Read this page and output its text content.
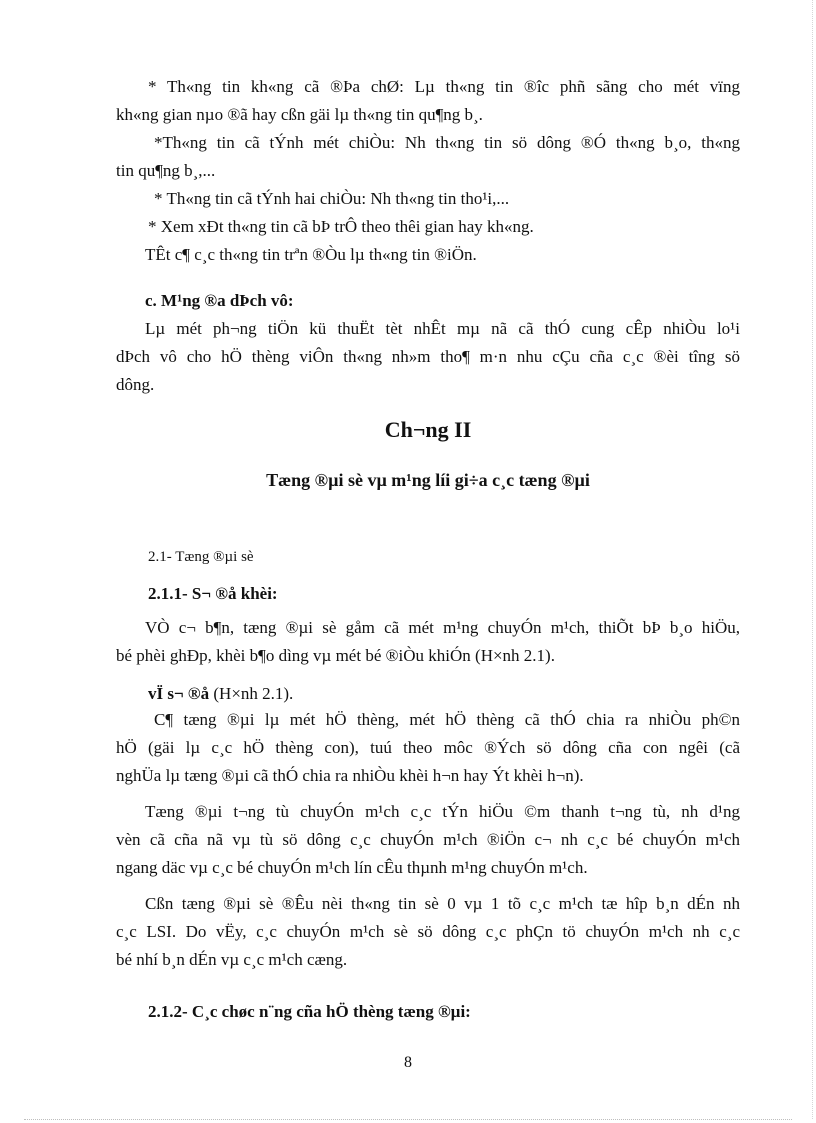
* Th«ng tin kh«ng cã ®Þa chØ: Lµ th«ng tin ®îc phñ sãng cho mét vïng

kh«ng gian nµo ®ã hay cßn gäi lµ th«ng tin qu¶ng b¸.

*Th«ng tin cã tÝnh mét chiÒu: Nh th«ng tin sö dông ®Ó th«ng b¸o, th«ng

tin qu¶ng b¸,...

* Th«ng tin cã tÝnh hai chiÒu: Nh th«ng tin tho¹i,...

* Xem xÐt th«ng tin cã bÞ trÔ theo thêi gian hay kh«ng.

TÊt c¶ c¸c th«ng tin trªn ®Òu lµ th«ng tin ®iÖn.

c. M¹ng ®a dÞch vô:

Lµ mét ph¬ng tiÖn kü thuËt tèt nhÊt mµ nã cã thÓ cung cÊp nhiÒu lo¹i

dÞch vô cho hÖ thèng viÔn th«ng nh»m tho¶ m·n nhu cÇu cña c¸c ®èi tîng sö

dông.

Ch¬ng II

Tæng ®µi sè vµ m¹ng líi gi÷a c¸c tæng ®µi

2.1- Tæng ®µi sè

2.1.1- S¬ ®å khèi:

VÒ c¬ b¶n, tæng ®µi sè gåm cã mét m¹ng chuyÓn m¹ch, thiÕt bÞ b¸o hiÖu,

bé phèi ghÐp, khèi b¶o dìng vµ mét bé ®iÒu khiÓn (H×nh 2.1).

vÏ s¬ ®å (H×nh 2.1).

C¶ tæng ®µi lµ mét hÖ thèng, mét hÖ thèng cã thÓ chia ra nhiÒu ph©n

hÖ (gäi lµ c¸c hÖ thèng con), tuú theo môc ®Ých sö dông cña con ngêi (cã

nghÜa lµ tæng ®µi cã thÓ chia ra nhiÒu khèi h¬n hay Ýt khèi h¬n).

Tæng ®µi t¬ng tù chuyÓn m¹ch c¸c tÝn hiÖu ©m thanh t¬ng tù, nh d¹ng

vèn cã cña nã vµ tù sö dông c¸c chuyÓn m¹ch ®iÖn c¬ nh c¸c bé chuyÓn m¹ch

ngang däc vµ c¸c bé chuyÓn m¹ch lín cÊu thµnh m¹ng chuyÓn m¹ch.

Cßn tæng ®µi sè ®Êu nèi th«ng tin sè 0 vµ 1 tõ c¸c m¹ch tæ hîp b¸n dÉn nh

c¸c LSI. Do vËy, c¸c chuyÓn m¹ch sè sö dông c¸c phÇn tö chuyÓn m¹ch nh c¸c

bé nhí b¸n dÉn vµ c¸c m¹ch cæng.

2.1.2- C¸c chøc n¨ng cña hÖ thèng tæng ®µi:

8
